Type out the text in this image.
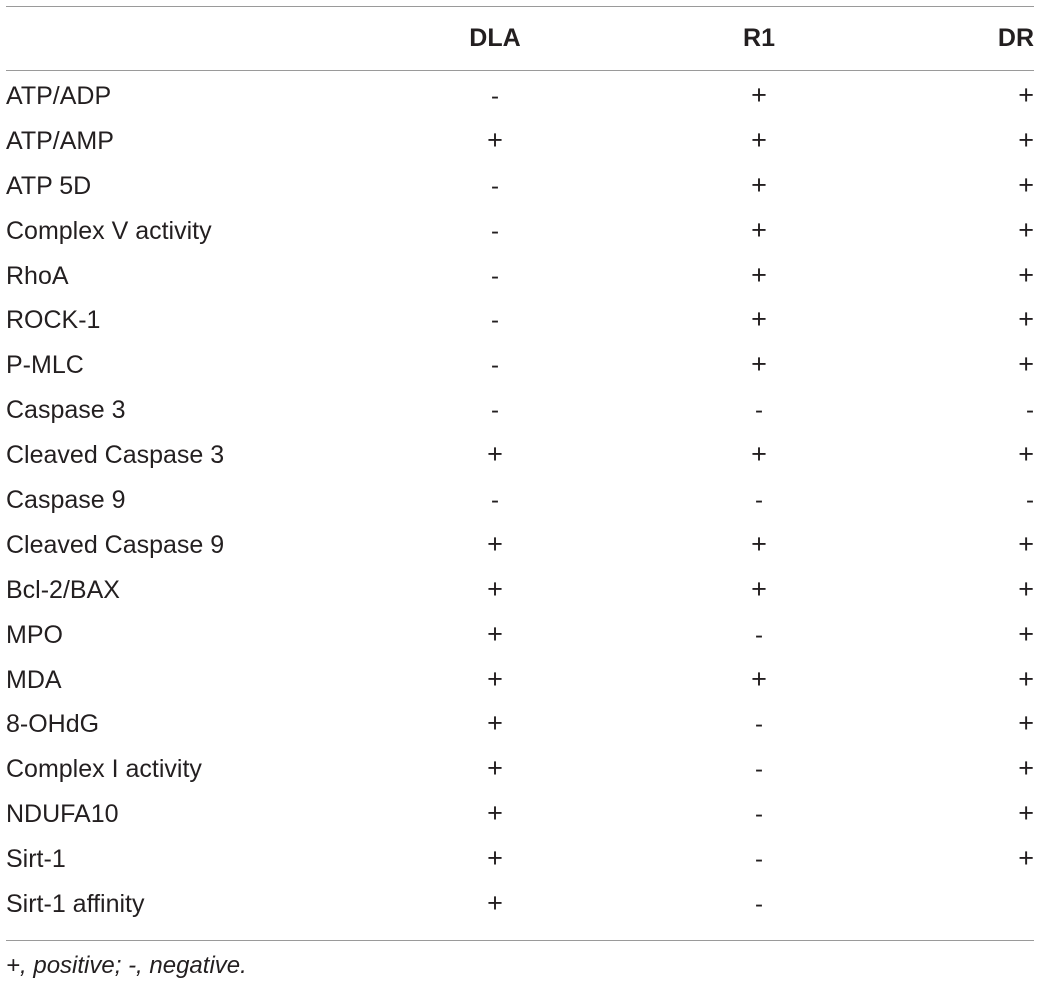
	DLA	R1	DR
ATP/ADP	-	+	+
ATP/AMP	+	+	+
ATP 5D	-	+	+
Complex V activity	-	+	+
RhoA	-	+	+
ROCK-1	-	+	+
P-MLC	-	+	+
Caspase 3	-	-	-
Cleaved Caspase 3	+	+	+
Caspase 9	-	-	-
Cleaved Caspase 9	+	+	+
Bcl-2/BAX	+	+	+
MPO	+	-	+
MDA	+	+	+
8-OHdG	+	-	+
Complex I activity	+	-	+
NDUFA10	+	-	+
Sirt-1	+	-	+
Sirt-1 affinity	+	-	
+, positive; -, negative.
